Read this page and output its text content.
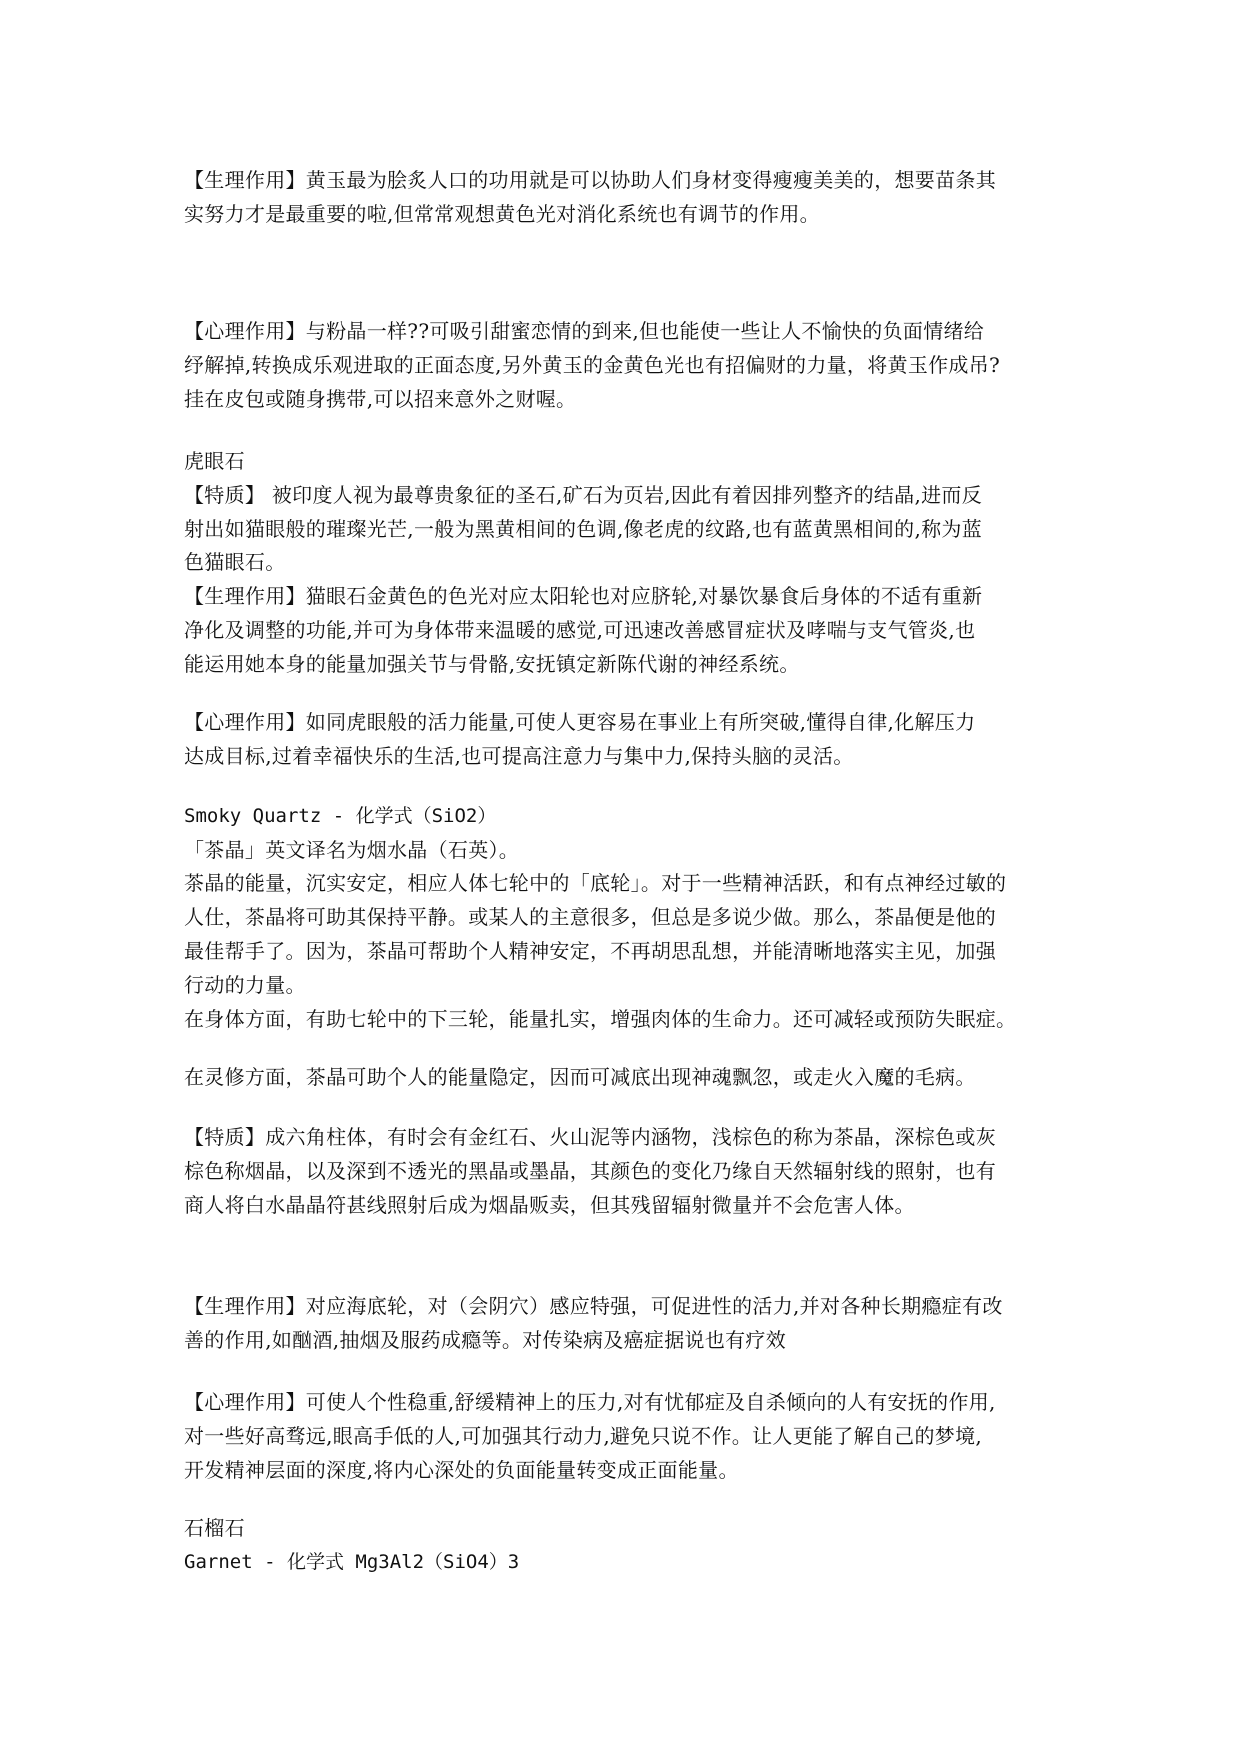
【生理作用】黄玉最为脍炙人口的功用就是可以协助人们身材变得瘦瘦美美的，想要苗条其

实努力才是最重要的啦,但常常观想黄色光对消化系统也有调节的作用。

【心理作用】与粉晶一样??可吸引甜蜜恋情的到来,但也能使一些让人不愉快的负面情绪给

纾解掉,转换成乐观进取的正面态度,另外黄玉的金黄色光也有招偏财的力量，将黄玉作成吊?

挂在皮包或随身携带,可以招来意外之财喔。

虎眼石

【特质】 被印度人视为最尊贵象征的圣石,矿石为页岩,因此有着因排列整齐的结晶,进而反

射出如猫眼般的璀璨光芒,一般为黑黄相间的色调,像老虎的纹路,也有蓝黄黑相间的,称为蓝

色猫眼石。

【生理作用】猫眼石金黄色的色光对应太阳轮也对应脐轮,对暴饮暴食后身体的不适有重新

净化及调整的功能,并可为身体带来温暖的感觉,可迅速改善感冒症状及哮喘与支气管炎,也

能运用她本身的能量加强关节与骨骼,安抚镇定新陈代谢的神经系统。

【心理作用】如同虎眼般的活力能量,可使人更容易在事业上有所突破,懂得自律,化解压力

达成目标,过着幸福快乐的生活,也可提高注意力与集中力,保持头脑的灵活。

Smoky Quartz - 化学式（SiO2）

「茶晶」英文译名为烟水晶（石英）。

茶晶的能量，沉实安定，相应人体七轮中的「底轮」。对于一些精神活跃，和有点神经过敏的

人仕，茶晶将可助其保持平静。或某人的主意很多，但总是多说少做。那么，茶晶便是他的

最佳帮手了。因为，茶晶可帮助个人精神安定，不再胡思乱想，并能清晰地落实主见，加强

行动的力量。

在身体方面，有助七轮中的下三轮，能量扎实，增强肉体的生命力。还可减轻或预防失眠症。

在灵修方面，茶晶可助个人的能量隐定，因而可减底出现神魂飘忽，或走火入魔的毛病。

【特质】成六角柱体，有时会有金红石、火山泥等内涵物，浅棕色的称为茶晶，深棕色或灰

棕色称烟晶，以及深到不透光的黑晶或墨晶，其颜色的变化乃缘自天然辐射线的照射，也有

商人将白水晶晶符甚线照射后成为烟晶贩卖，但其残留辐射微量并不会危害人体。

【生理作用】对应海底轮，对（会阴穴）感应特强，可促进性的活力,并对各种长期瘾症有改

善的作用,如酗酒,抽烟及服药成瘾等。对传染病及癌症据说也有疗效

【心理作用】可使人个性稳重,舒缓精神上的压力,对有忧郁症及自杀倾向的人有安抚的作用,

对一些好高骛远,眼高手低的人,可加强其行动力,避免只说不作。让人更能了解自己的梦境,

开发精神层面的深度,将内心深处的负面能量转变成正面能量。

石榴石

Garnet - 化学式 Mg3Al2（SiO4）3
